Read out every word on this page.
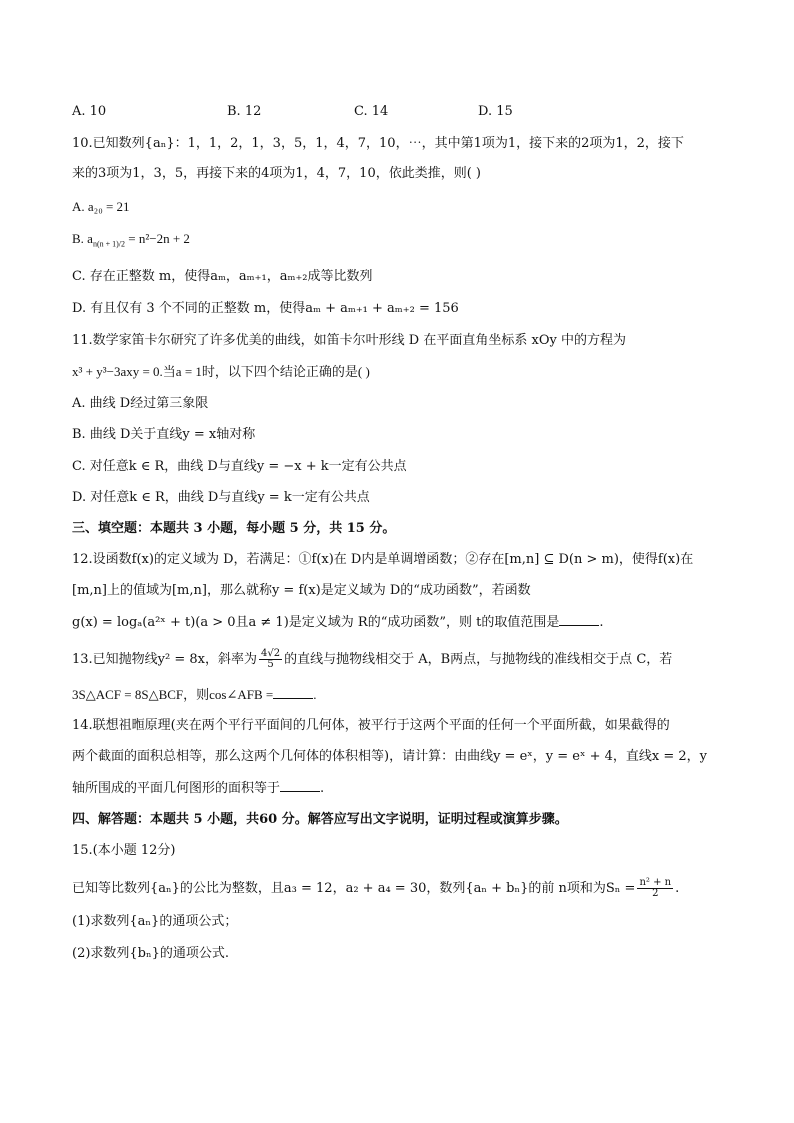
A. 10	B. 12	C. 14	D. 15
10.已知数列{aₙ}：1，1，2，1，3，5，1，4，7，10，⋯，其中第1项为1，接下来的2项为1，2，接下
来的3项为1，3，5，再接下来的4项为1，4，7，10，依此类推，则( )
A. a₂₀ = 21
B. $a_{n(n + 1)/2} = n^2-2n + 2$
C. 存在正整数 m，使得aₘ，aₘ₊₁，aₘ₊₂成等比数列
D. 有且仅有 3 个不同的正整数 m，使得aₘ + aₘ₊₁ + aₘ₊₂ = 156
11.数学家笛卡尔研究了许多优美的曲线，如笛卡尔叶形线 D 在平面直角坐标系 xOy 中的方程为
x³ + y³−3axy = 0.当a = 1时，以下四个结论正确的是( )
A. 曲线 D经过第三象限
B. 曲线 D关于直线y = x轴对称
C. 对任意k ∈ R，曲线 D与直线y = −x + k一定有公共点
D. 对任意k ∈ R，曲线 D与直线y = k一定有公共点
三、填空题：本题共 3 小题，每小题 5 分，共 15 分。
12.设函数f(x)的定义域为 D，若满足：①f(x)在 D内是单调增函数；②存在[m,n] ⊆ D(n > m)，使得f(x)在
[m,n]上的值域为[m,n]，那么就称y = f(x)是定义域为 D的“成功函数”，若函数
g(x) = logₐ(a²ˣ + t)(a > 0且a ≠ 1)是定义域为 R的“成功函数”，则 t的取值范围是	.
13.已知抛物线y² = 8x，斜率为 $\frac{4√2}{5}$ 的直线与抛物线相交于 A，B两点，与抛物线的准线相交于点 C，若
3S△ACF = 8S△BCF，则cos∠AFB =	.
14.联想祖暅原理(夹在两个平行平面间的几何体，被平行于这两个平面的任何一个平面所截，如果截得的
两个截面的面积总相等，那么这两个几何体的体积相等)，请计算：由曲线y = eˣ，y = eˣ + 4，直线x = 2，y
轴所围成的平面几何图形的面积等于	.
四、解答题：本题共 5 小题，共60 分。解答应写出文字说明，证明过程或演算步骤。
15.(本小题 12分)
已知等比数列{aₙ}的公比为整数，且a₃ = 12，a₂ + a₄ = 30，数列{aₙ + bₙ}的前 n项和为$S_n = \frac{\text{n² + n}}{2}$ .
(1)求数列{aₙ}的通项公式；
(2)求数列{bₙ}的通项公式.
